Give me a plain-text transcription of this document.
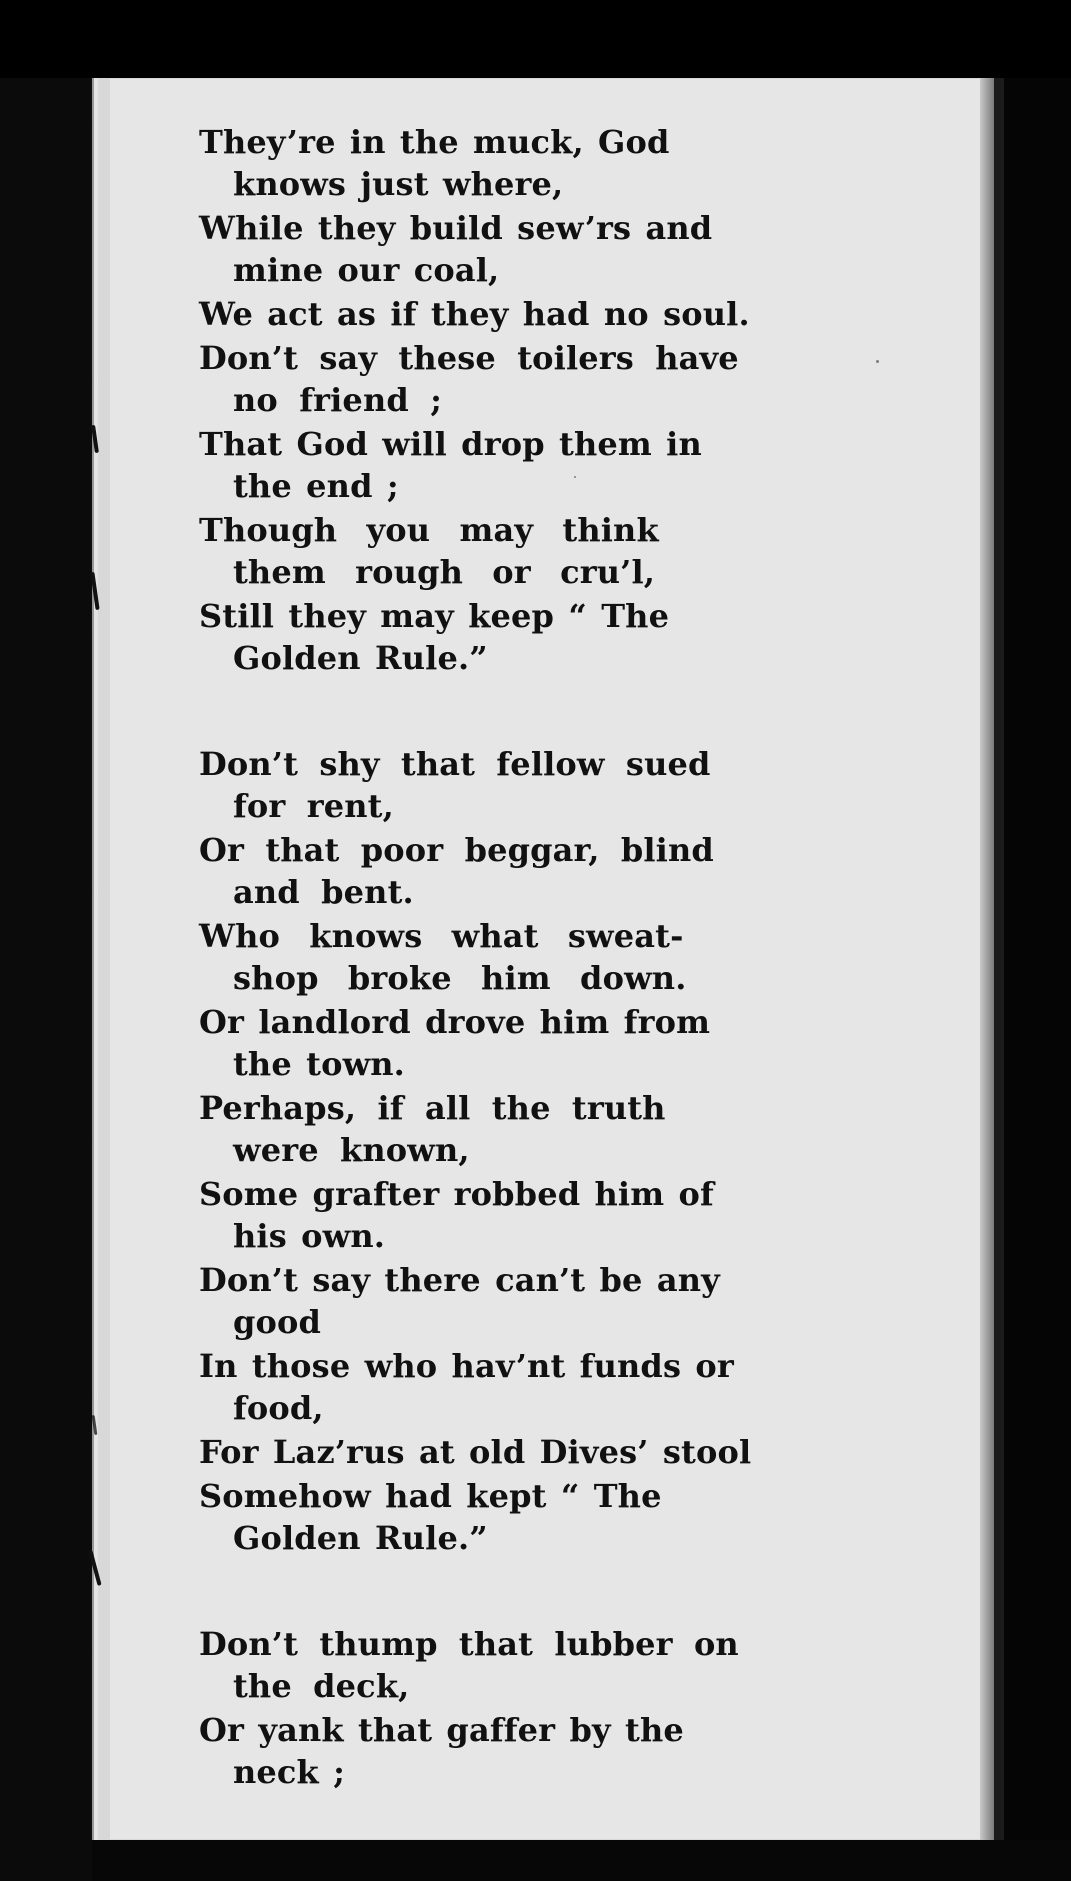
They’re in the muck, God knows just where,
While they build sew’rs and mine our coal,
We act as if they had no soul.
Don’t say these toilers have no friend ;
That God will drop them in the end ;
Though you may think them rough or cru’l,
Still they may keep “ The Golden Rule.”
Don’t shy that fellow sued for rent,
Or that poor beggar, blind and bent.
Who knows what sweat-shop broke him down.
Or landlord drove him from the town.
Perhaps, if all the truth were known,
Some grafter robbed him of his own.
Don’t say there can’t be any good
In those who hav’nt funds or food,
For Laz’rus at old Dives’ stool
Somehow had kept “ The Golden Rule.”
Don’t thump that lubber on the deck,
Or yank that gaffer by the neck ;
